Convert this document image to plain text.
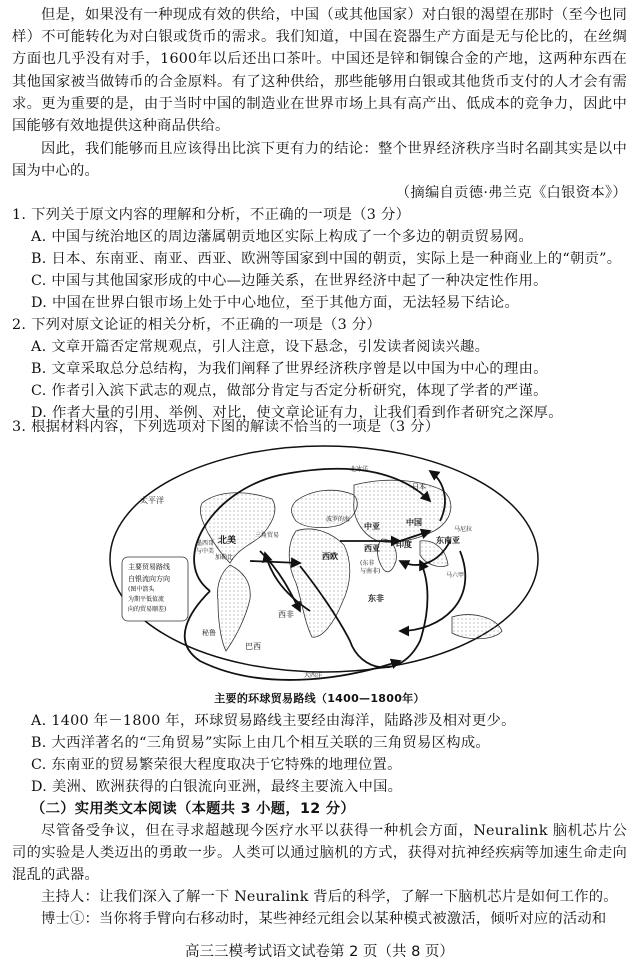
但是，如果没有一种现成有效的供给，中国（或其他国家）对白银的渴望在那时（至今也同样）不可能转化为对白银或货币的需求。我们知道，中国在瓷器生产方面是无与伦比的，在丝绸方面也几乎没有对手，1600年以后还出口茶叶。中国还是锌和铜镍合金的产地，这两种东西在其他国家被当做铸币的合金原料。有了这种供给，那些能够用白银或其他货币支付的人才会有需求。更为重要的是，由于当时中国的制造业在世界市场上具有高产出、低成本的竞争力，因此中国能够有效地提供这种商品供给。

因此，我们能够而且应该得出比滨下更有力的结论：整个世界经济秩序当时名副其实是以中国为中心的。

（摘编自贡德·弗兰克《白银资本》）
1. 下列关于原文内容的理解和分析，不正确的一项是（3 分）
A. 中国与统治地区的周边藩属朝贡地区实际上构成了一个多边的朝贡贸易网。
B. 日本、东南亚、南亚、西亚、欧洲等国家到中国的朝贡，实际上是一种商业上的“朝贡”。
C. 中国与其他国家形成的中心—边陲关系，在世界经济中起了一种决定性作用。
D. 中国在世界白银市场上处于中心地位，至于其他方面，无法轻易下结论。
2. 下列对原文论证的相关分析，不正确的一项是（3 分）
A. 文章开篇否定常规观点，引人注意，设下悬念，引发读者阅读兴趣。
B. 文章采取总分总结构，为我们阐释了世界经济秩序曾是以中国为中心的理由。
C. 作者引入滨下武志的观点，做部分肯定与否定分析研究，体现了学者的严谨。
D. 作者大量的引用、举例、对比，使文章论证有力，让我们看到作者研究之深厚。
3. 根据材料内容，下列选项对下图的解读不恰当的一项是（3 分）
主要贸易路线
白银流向方向
(图中箭头
为期平低值流
向的贸易顺差)
太平洋
北美
加勒比
墨西哥
与中美
秘鲁
三角贸易
巴西
西非
大西洋
西欧
波罗的海
北冰洋
中亚
西亚
(东非
与南非)
东非
印度
中国
日本
马尼拉
东南亚
马六甲
主要的环球贸易路线（1400—1800年）
A. 1400 年－1800 年，环球贸易路线主要经由海洋，陆路涉及相对更少。
B. 大西洋著名的“三角贸易”实际上由几个相互关联的三角贸易区构成。
C. 东南亚的贸易繁荣很大程度取决于它特殊的地理位置。
D. 美洲、欧洲获得的白银流向亚洲，最终主要流入中国。
（二）实用类文本阅读（本题共 3 小题，12 分）

尽管备受争议，但在寻求超越现今医疗水平以获得一种机会方面，Neuralink 脑机芯片公司的实验是人类迈出的勇敢一步。人类可以通过脑机的方式，获得对抗神经疾病等加速生命走向混乱的武器。

主持人：让我们深入了解一下 Neuralink 背后的科学，了解一下脑机芯片是如何工作的。

博士①：当你将手臂向右移动时，某些神经元组会以某种模式被激活，倾听对应的活动和

高三三模考试语文试卷第 2 页（共 8 页）
